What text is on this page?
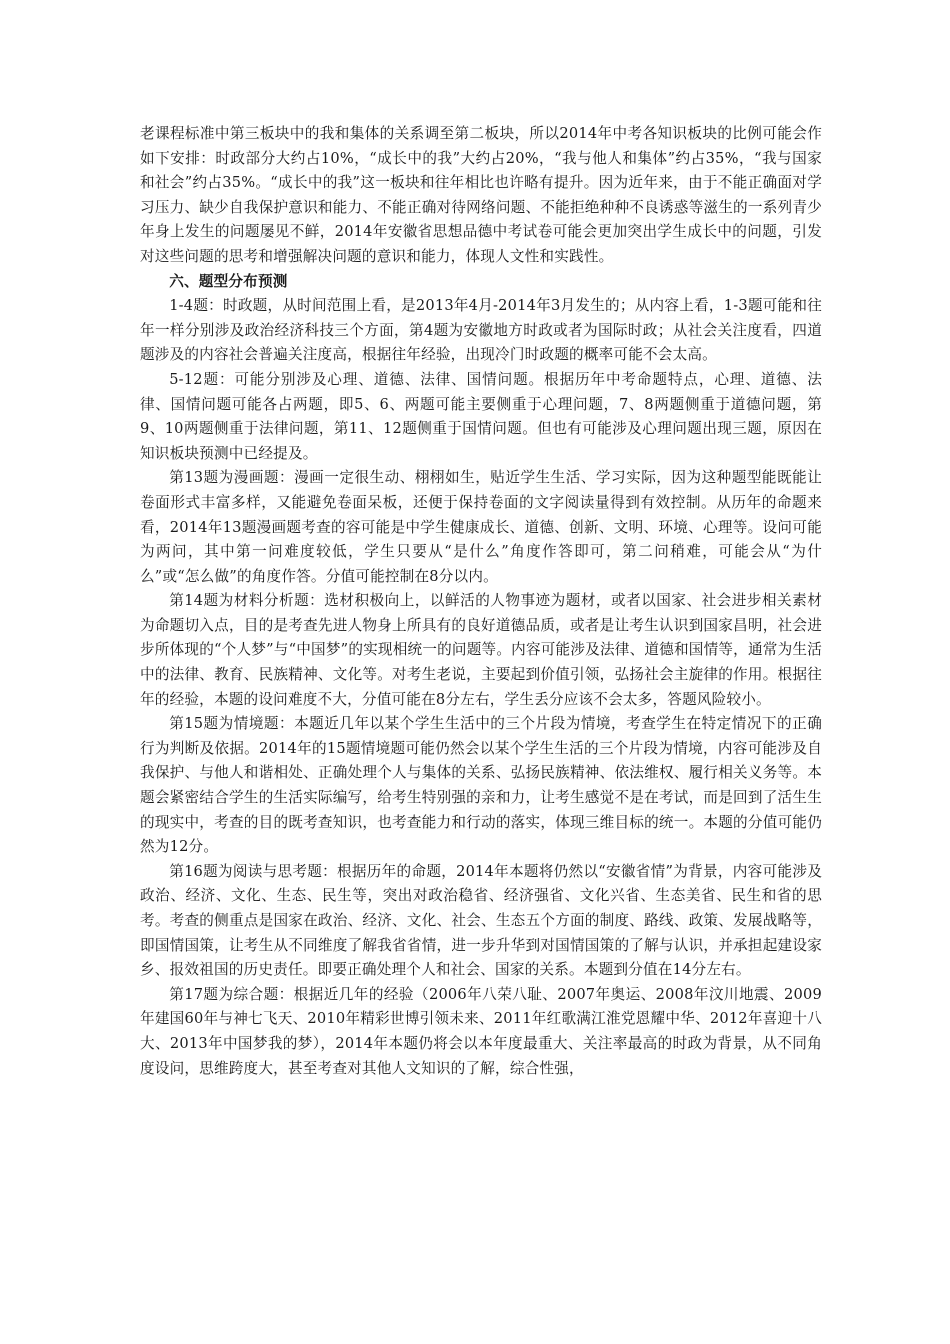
老课程标准中第三板块中的我和集体的关系调至第二板块，所以2014年中考各知识板块的比例可能会作如下安排：时政部分大约占10%，“成长中的我”大约占20%，“我与他人和集体”约占35%，“我与国家和社会”约占35%。“成长中的我”这一板块和往年相比也许略有提升。因为近年来，由于不能正确面对学习压力、缺少自我保护意识和能力、不能正确对待网络问题、不能拒绝种种不良诱惑等滋生的一系列青少年身上发生的问题屡见不鲜，2014年安徽省思想品德中考试卷可能会更加突出学生成长中的问题，引发对这些问题的思考和增强解决问题的意识和能力，体现人文性和实践性。

六、题型分布预测

1-4题：时政题，从时间范围上看，是2013年4月-2014年3月发生的；从内容上看，1-3题可能和往年一样分别涉及政治经济科技三个方面，第4题为安徽地方时政或者为国际时政；从社会关注度看，四道题涉及的内容社会普遍关注度高，根据往年经验，出现冷门时政题的概率可能不会太高。

5-12题：可能分别涉及心理、道德、法律、国情问题。根据历年中考命题特点，心理、道德、法律、国情问题可能各占两题，即5、6、两题可能主要侧重于心理问题，7、8两题侧重于道德问题，第9、10两题侧重于法律问题，第11、12题侧重于国情问题。但也有可能涉及心理问题出现三题，原因在知识板块预测中已经提及。

第13题为漫画题：漫画一定很生动、栩栩如生，贴近学生生活、学习实际，因为这种题型能既能让卷面形式丰富多样，又能避免卷面呆板，还便于保持卷面的文字阅读量得到有效控制。从历年的命题来看，2014年13题漫画题考查的容可能是中学生健康成长、道德、创新、文明、环境、心理等。设问可能为两问，其中第一问难度较低，学生只要从“是什么”角度作答即可，第二问稍难，可能会从“为什么”或“怎么做”的角度作答。分值可能控制在8分以内。

第14题为材料分析题：选材积极向上，以鲜活的人物事迹为题材，或者以国家、社会进步相关素材为命题切入点，目的是考查先进人物身上所具有的良好道德品质，或者是让考生认识到国家昌明，社会进步所体现的“个人梦”与“中国梦”的实现相统一的问题等。内容可能涉及法律、道德和国情等，通常为生活中的法律、教育、民族精神、文化等。对考生老说，主要起到价值引领，弘扬社会主旋律的作用。根据往年的经验，本题的设问难度不大，分值可能在8分左右，学生丢分应该不会太多，答题风险较小。

第15题为情境题：本题近几年以某个学生生活中的三个片段为情境，考查学生在特定情况下的正确行为判断及依据。2014年的15题情境题可能仍然会以某个学生生活的三个片段为情境，内容可能涉及自我保护、与他人和谐相处、正确处理个人与集体的关系、弘扬民族精神、依法维权、履行相关义务等。本题会紧密结合学生的生活实际编写，给考生特别强的亲和力，让考生感觉不是在考试，而是回到了活生生的现实中，考查的目的既考查知识，也考查能力和行动的落实，体现三维目标的统一。本题的分值可能仍然为12分。

第16题为阅读与思考题：根据历年的命题，2014年本题将仍然以“安徽省情”为背景，内容可能涉及政治、经济、文化、生态、民生等，突出对政治稳省、经济强省、文化兴省、生态美省、民生和省的思考。考查的侧重点是国家在政治、经济、文化、社会、生态五个方面的制度、路线、政策、发展战略等，即国情国策，让考生从不同维度了解我省省情，进一步升华到对国情国策的了解与认识，并承担起建设家乡、报效祖国的历史责任。即要正确处理个人和社会、国家的关系。本题到分值在14分左右。

第17题为综合题：根据近几年的经验（2006年八荣八耻、2007年奥运、2008年汶川地震、2009年建国60年与神七飞天、2010年精彩世博引领未来、2011年红歌满江淮党恩耀中华、2012年喜迎十八大、2013年中国梦我的梦），2014年本题仍将会以本年度最重大、关注率最高的时政为背景，从不同角度设问，思维跨度大，甚至考查对其他人文知识的了解，综合性强，
